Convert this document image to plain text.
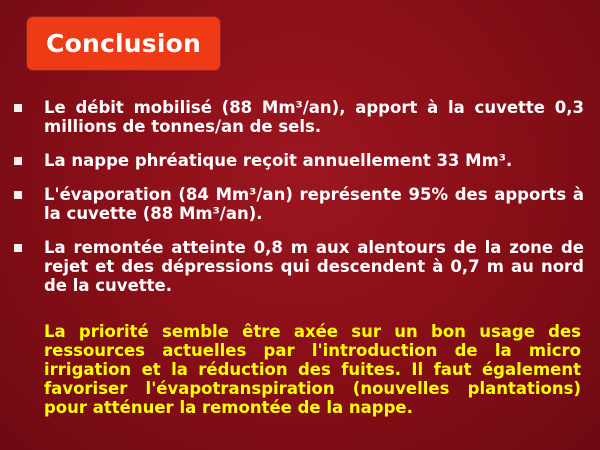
Conclusion
Le débit mobilisé (88 Mm³/an), apport à la cuvette 0,3 millions de tonnes/an de sels.
La nappe phréatique reçoit annuellement 33 Mm³.
L'évaporation (84 Mm³/an) représente 95% des apports à la cuvette (88 Mm³/an).
La remontée atteinte 0,8 m aux alentours de la zone de rejet et des dépressions qui descendent à 0,7 m au nord de la cuvette.

La priorité semble être axée sur un bon usage des ressources actuelles par l'introduction de la micro irrigation et la réduction des fuites. Il faut également favoriser l'évapotranspiration (nouvelles plantations) pour atténuer la remontée de la nappe.
